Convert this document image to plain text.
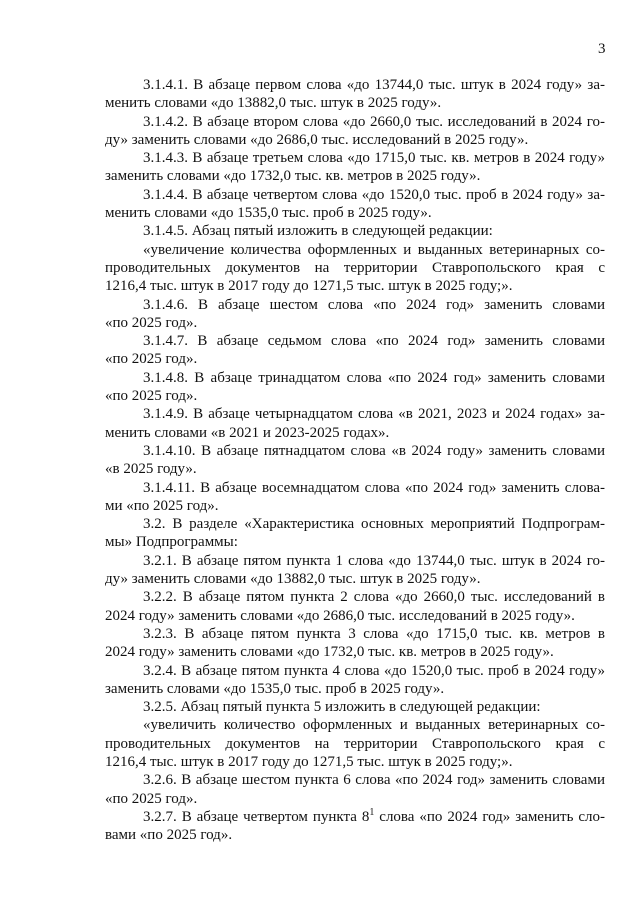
3
3.1.4.1. В абзаце первом слова «до 13744,0 тыс. штук в 2024 году» за-
менить словами «до 13882,0 тыс. штук в 2025 году».
3.1.4.2. В абзаце втором слова «до 2660,0 тыс. исследований в 2024 го-
ду» заменить словами «до 2686,0 тыс. исследований в 2025 году».
3.1.4.3. В абзаце третьем слова «до 1715,0 тыс. кв. метров в 2024 году»
заменить словами «до 1732,0 тыс. кв. метров в 2025 году».
3.1.4.4. В абзаце четвертом слова «до 1520,0 тыс. проб в 2024 году» за-
менить словами «до 1535,0 тыс. проб в 2025 году».
3.1.4.5. Абзац пятый изложить в следующей редакции:
«увеличение количества оформленных и выданных ветеринарных со-
проводительных документов на территории Ставропольского края с
1216,4 тыс. штук в 2017 году до 1271,5 тыс. штук в 2025 году;».
3.1.4.6. В абзаце шестом слова «по 2024 год» заменить словами
«по 2025 год».
3.1.4.7. В абзаце седьмом слова «по 2024 год» заменить словами
«по 2025 год».
3.1.4.8. В абзаце тринадцатом слова «по 2024 год» заменить словами
«по 2025 год».
3.1.4.9. В абзаце четырнадцатом слова «в 2021, 2023 и 2024 годах» за-
менить словами «в 2021 и 2023-2025 годах».
3.1.4.10. В абзаце пятнадцатом слова «в 2024 году» заменить словами
«в 2025 году».
3.1.4.11. В абзаце восемнадцатом слова «по 2024 год» заменить слова-
ми «по 2025 год».
3.2. В разделе «Характеристика основных мероприятий Подпрограм-
мы» Подпрограммы:
3.2.1. В абзаце пятом пункта 1 слова «до 13744,0 тыс. штук в 2024 го-
ду» заменить словами «до 13882,0 тыс. штук в 2025 году».
3.2.2. В абзаце пятом пункта 2 слова «до 2660,0 тыс. исследований в
2024 году» заменить словами «до 2686,0 тыс. исследований в 2025 году».
3.2.3. В абзаце пятом пункта 3 слова «до 1715,0 тыс. кв. метров в
2024 году» заменить словами «до 1732,0 тыс. кв. метров в 2025 году».
3.2.4. В абзаце пятом пункта 4 слова «до 1520,0 тыс. проб в 2024 году»
заменить словами «до 1535,0 тыс. проб в 2025 году».
3.2.5. Абзац пятый пункта 5 изложить в следующей редакции:
«увеличить количество оформленных и выданных ветеринарных со-
проводительных документов на территории Ставропольского края с
1216,4 тыс. штук в 2017 году до 1271,5 тыс. штук в 2025 году;».
3.2.6. В абзаце шестом пункта 6 слова «по 2024 год» заменить словами
«по 2025 год».
3.2.7. В абзаце четвертом пункта $8^1$ слова «по 2024 год» заменить сло-
вами «по 2025 год».
